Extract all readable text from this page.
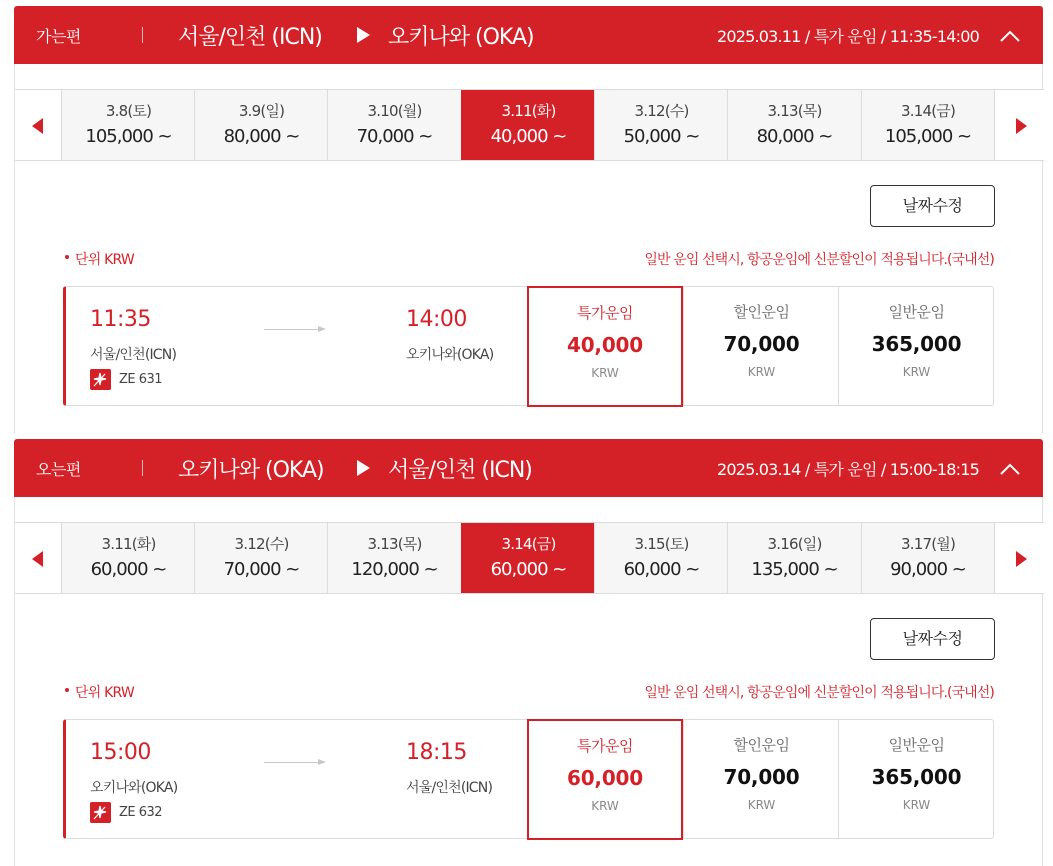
가는편	서울/인천 (ICN)	오키나와 (OKA)	2025.03.11 / 특가 운임 / 11:35-14:00
3.8(토)
105,000 ~
3.9(일)
80,000 ~
3.10(월)
70,000 ~
3.11(화)
40,000 ~
3.12(수)
50,000 ~
3.13(목)
80,000 ~
3.14(금)
105,000 ~
날짜수정
단위 KRW	일반 운임 선택시, 항공운임에 신분할인이 적용됩니다.(국내선)
11:35
서울/인천(ICN)
ZE 631
14:00
오키나와(OKA)
특가운임
40,000
KRW
할인운임
70,000
KRW
일반운임
365,000
KRW
오는편	오키나와 (OKA)	서울/인천 (ICN)	2025.03.14 / 특가 운임 / 15:00-18:15
3.11(화)
60,000 ~
3.12(수)
70,000 ~
3.13(목)
120,000 ~
3.14(금)
60,000 ~
3.15(토)
60,000 ~
3.16(일)
135,000 ~
3.17(월)
90,000 ~
날짜수정
단위 KRW	일반 운임 선택시, 항공운임에 신분할인이 적용됩니다.(국내선)
15:00
오키나와(OKA)
ZE 632
18:15
서울/인천(ICN)
특가운임
60,000
KRW
할인운임
70,000
KRW
일반운임
365,000
KRW
